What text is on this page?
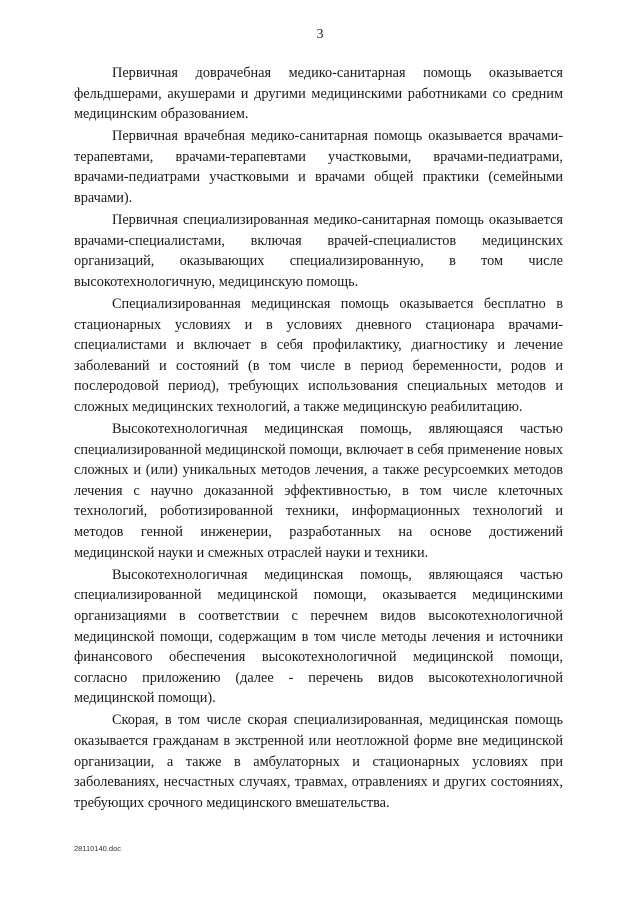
3

Первичная доврачебная медико-санитарная помощь оказывается фельдшерами, акушерами и другими медицинскими работниками со средним медицинским образованием.

Первичная врачебная медико-санитарная помощь оказывается врачами-терапевтами, врачами-терапевтами участковыми, врачами-педиатрами, врачами-педиатрами участковыми и врачами общей практики (семейными врачами).

Первичная специализированная медико-санитарная помощь оказывается врачами-специалистами, включая врачей-специалистов медицинских организаций, оказывающих специализированную, в том числе высокотехнологичную, медицинскую помощь.

Специализированная медицинская помощь оказывается бесплатно в стационарных условиях и в условиях дневного стационара врачами-специалистами и включает в себя профилактику, диагностику и лечение заболеваний и состояний (в том числе в период беременности, родов и послеродовой период), требующих использования специальных методов и сложных медицинских технологий, а также медицинскую реабилитацию.

Высокотехнологичная медицинская помощь, являющаяся частью специализированной медицинской помощи, включает в себя применение новых сложных и (или) уникальных методов лечения, а также ресурсоемких методов лечения с научно доказанной эффективностью, в том числе клеточных технологий, роботизированной техники, информационных технологий и методов генной инженерии, разработанных на основе достижений медицинской науки и смежных отраслей науки и техники.

Высокотехнологичная медицинская помощь, являющаяся частью специализированной медицинской помощи, оказывается медицинскими организациями в соответствии с перечнем видов высокотехнологичной медицинской помощи, содержащим в том числе методы лечения и источники финансового обеспечения высокотехнологичной медицинской помощи, согласно приложению (далее - перечень видов высокотехнологичной медицинской помощи).

Скорая, в том числе скорая специализированная, медицинская помощь оказывается гражданам в экстренной или неотложной форме вне медицинской организации, а также в амбулаторных и стационарных условиях при заболеваниях, несчастных случаях, травмах, отравлениях и других состояниях, требующих срочного медицинского вмешательства.

28110140.doc
